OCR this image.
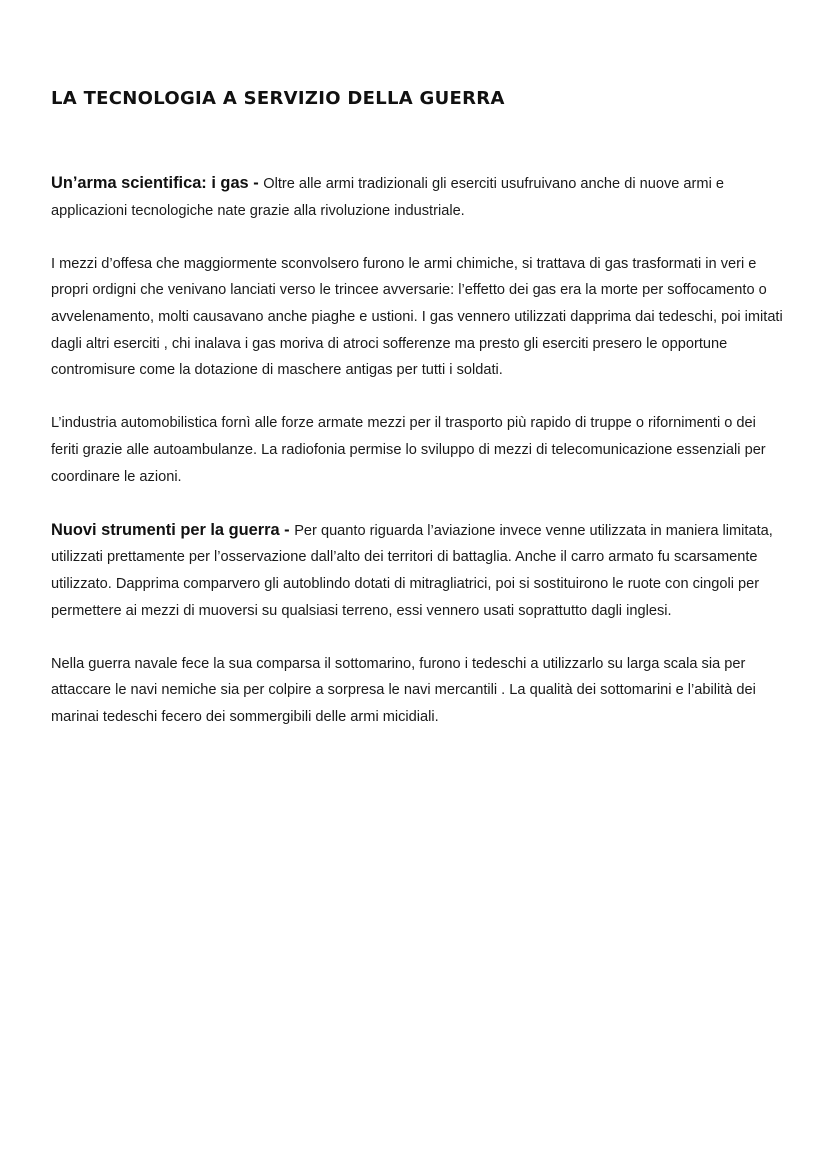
LA TECNOLOGIA A SERVIZIO DELLA GUERRA

Un’arma scientifica: i gas - Oltre alle armi tradizionali gli eserciti usufruivano anche di nuove armi e applicazioni tecnologiche nate grazie alla rivoluzione industriale.

I mezzi d’offesa che maggiormente sconvolsero furono le armi chimiche, si trattava di gas trasformati in veri e propri ordigni che venivano lanciati verso le trincee avversarie: l’effetto dei gas era la morte per soffocamento o avvelenamento, molti causavano anche piaghe e ustioni. I gas vennero utilizzati dapprima dai tedeschi, poi imitati dagli altri eserciti , chi inalava i gas moriva di atroci sofferenze ma presto gli eserciti presero le opportune contromisure come la dotazione di maschere antigas per tutti i soldati.

L’industria automobilistica fornì alle forze armate mezzi per il trasporto più rapido di truppe o rifornimenti o dei feriti grazie alle autoambulanze. La radiofonia permise lo sviluppo di mezzi di telecomunicazione essenziali per coordinare le azioni.

Nuovi strumenti per la guerra - Per quanto riguarda l’aviazione invece venne utilizzata in maniera limitata, utilizzati prettamente per l’osservazione dall’alto dei territori di battaglia. Anche il carro armato fu scarsamente utilizzato. Dapprima comparvero gli autoblindo dotati di mitragliatrici, poi si sostituirono le ruote con cingoli per permettere ai mezzi di muoversi su qualsiasi terreno, essi vennero usati soprattutto dagli inglesi.

Nella guerra navale fece la sua comparsa il sottomarino, furono i tedeschi a utilizzarlo su larga scala sia per attaccare le navi nemiche sia per colpire a sorpresa le navi mercantili . La qualità dei sottomarini e l’abilità dei marinai tedeschi fecero dei sommergibili delle armi micidiali.
